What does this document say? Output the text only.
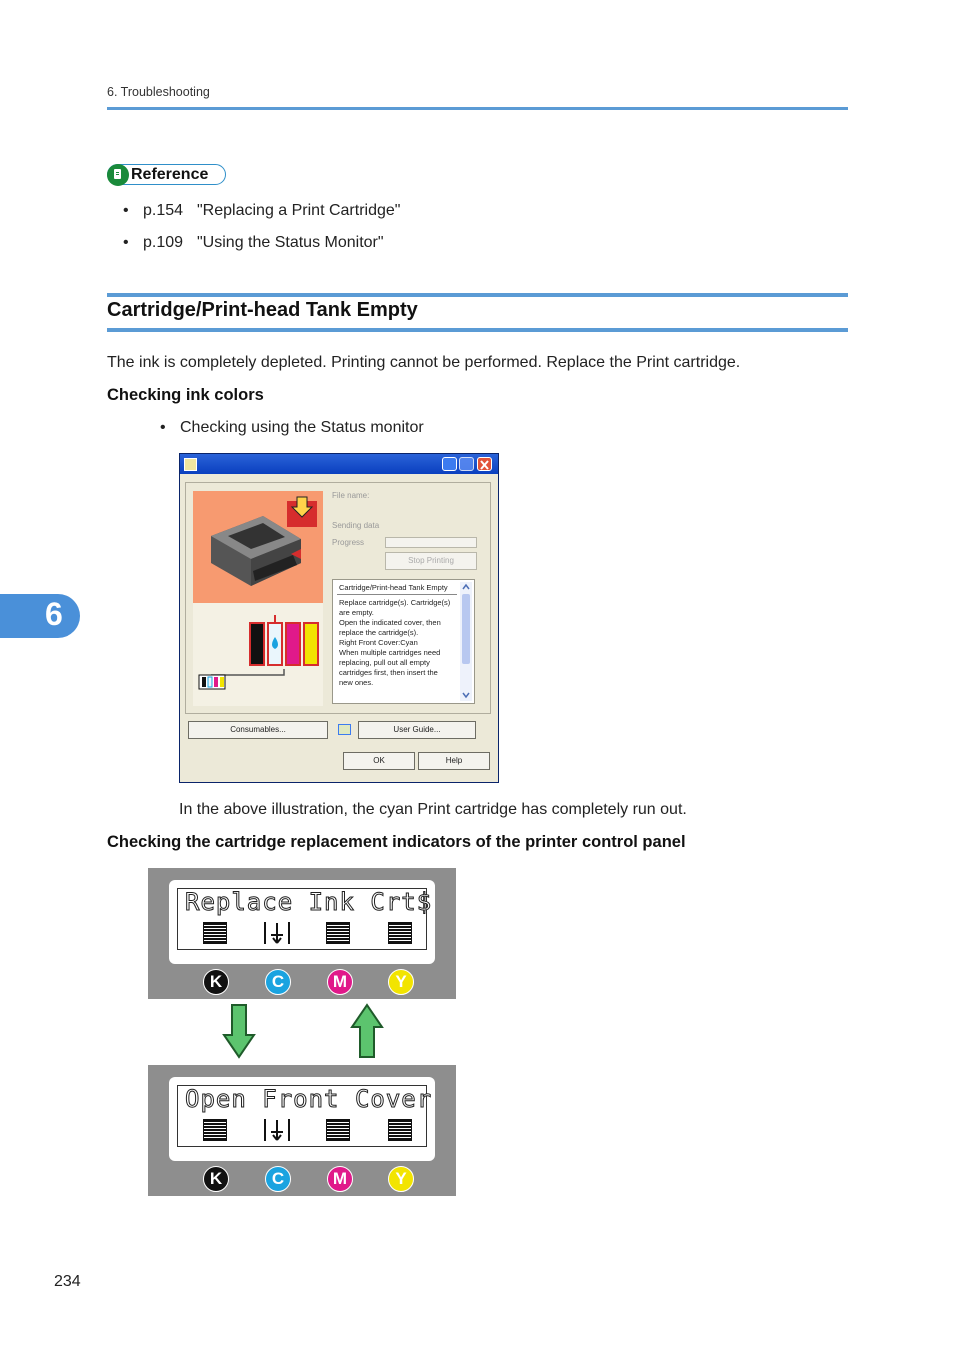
6. Troubleshooting
Reference
• p.154 "Replacing a Print Cartridge"
• p.109 "Using the Status Monitor"
Cartridge/Print-head Tank Empty
The ink is completely depleted. Printing cannot be performed. Replace the Print cartridge.
Checking ink colors
• Checking using the Status monitor
File name:
Sending data
Progress
Stop Printing
Cartridge/Print-head Tank Empty
Replace cartridge(s). Cartridge(s)
are empty.
Open the indicated cover, then
replace the cartridge(s).
Right Front Cover:Cyan
When multiple cartridges need
replacing, pull out all empty
cartridges first, then insert the
new ones.
Consumables...	User Guide...
OK	Help
In the above illustration, the cyan Print cartridge has completely run out.
Checking the cartridge replacement indicators of the printer control panel
Replace Ink Crt$
K	C	M	Y
Open Front Cover
K	C	M	Y
6
234
